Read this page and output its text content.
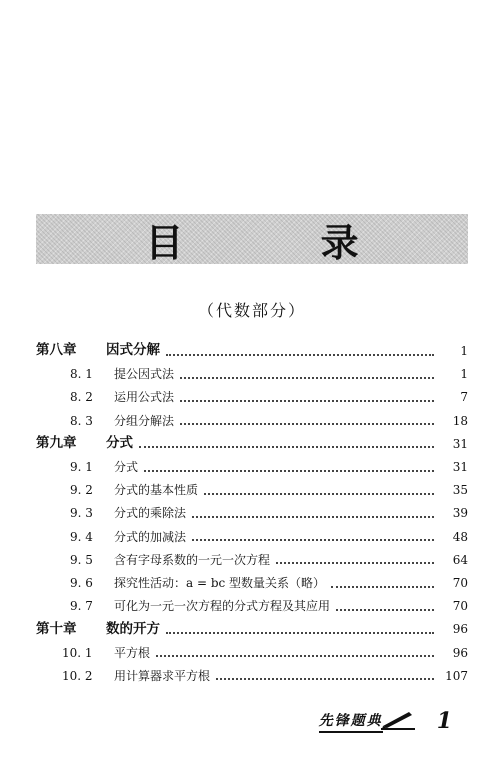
目 录
（代数部分）
第八章	因式分解	1
8. 1	提公因式法	1
8. 2	运用公式法	7
8. 3	分组分解法	18
第九章	分式	31
9. 1	分式	31
9. 2	分式的基本性质	35
9. 3	分式的乘除法	39
9. 4	分式的加减法	48
9. 5	含有字母系数的一元一次方程	64
9. 6	探究性活动：a = bc 型数量关系（略）	70
9. 7	可化为一元一次方程的分式方程及其应用	70
第十章	数的开方	96
10. 1	平方根	96
10. 2	用计算器求平方根	107
先锋题典 1
